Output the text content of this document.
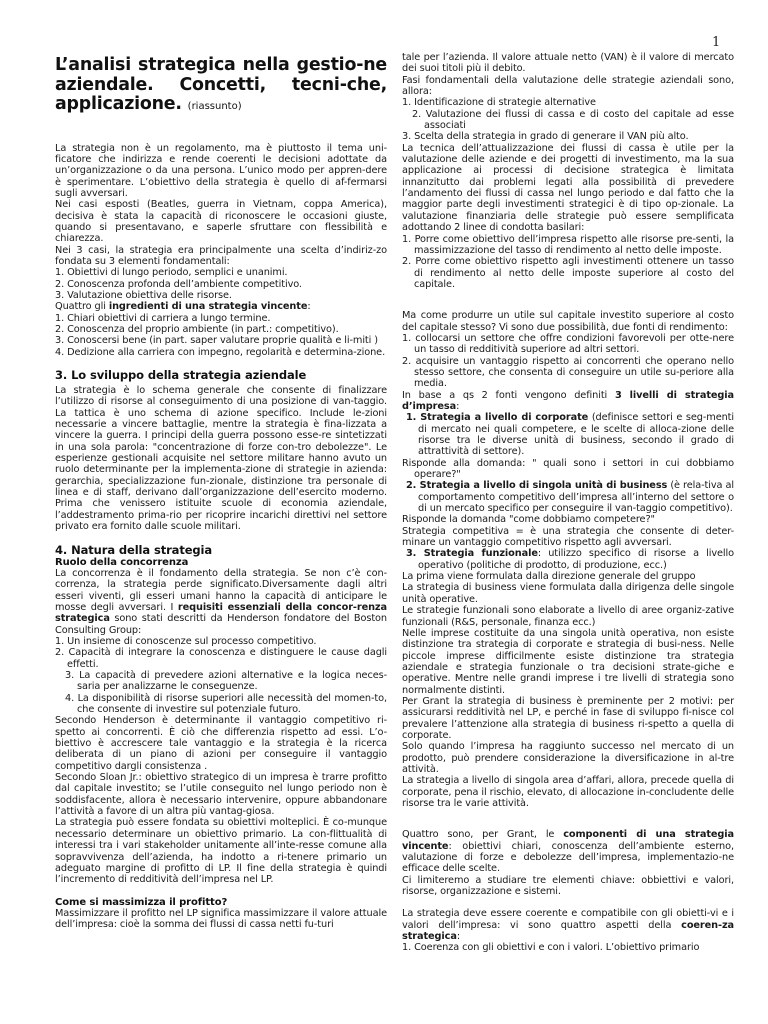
1
L’analisi strategica nella gestio-ne aziendale. Concetti, tecni-che, applicazione. (riassunto)

La strategia non è un regolamento, ma è piuttosto il tema uni-ficatore che indirizza e rende coerenti le decisioni adottate da un’organizzazione o da una persona. L’unico modo per appren-dere è sperimentare. L’obiettivo della strategia è quello di af-fermarsi sugli avversari.

Nei casi esposti (Beatles, guerra in Vietnam, coppa America), decisiva è stata la capacità di riconoscere le occasioni giuste, quando si presentavano, e saperle sfruttare con flessibilità e chiarezza.

Nei 3 casi, la strategia era principalmente una scelta d’indiriz-zo fondata su 3 elementi fondamentali:

1. Obiettivi di lungo periodo, semplici e unanimi.
2. Conoscenza profonda dell’ambiente competitivo.
3. Valutazione obiettiva delle risorse.

Quattro gli ingredienti di una strategia vincente:

1. Chiari obiettivi di carriera a lungo termine.
2. Conoscenza del proprio ambiente (in part.: competitivo).
3. Conoscersi bene (in part. saper valutare proprie qualità e li-miti )
4. Dedizione alla carriera con impegno, regolarità e determina-zione.
3. Lo sviluppo della strategia aziendale

La strategia è lo schema generale che consente di finalizzare l’utilizzo di risorse al conseguimento di una posizione di van-taggio. La tattica è uno schema di azione specifico. Include le-zioni necessarie a vincere battaglie, mentre la strategia è fina-lizzata a vincere la guerra. I principi della guerra possono esse-re sintetizzati in una sola parola: "concentrazione di forze con-tro debolezze". Le esperienze gestionali acquisite nel settore militare hanno avuto un ruolo determinante per la implementa-zione di strategie in azienda: gerarchia, specializzazione fun-zionale, distinzione tra personale di linea e di staff, derivano dall’organizzazione dell’esercito moderno. Prima che venissero istituite scuole di economia aziendale, l’addestramento prima-rio per ricoprire incarichi direttivi nel settore privato era fornito dalle scuole militari.

4. Natura della strategia
Ruolo della concorrenza

La concorrenza è il fondamento della strategia. Se non c’è con-correnza, la strategia perde significato.Diversamente dagli altri esseri viventi, gli esseri umani hanno la capacità di anticipare le mosse degli avversari. I requisiti essenziali della concor-renza strategica sono stati descritti da Henderson fondatore del Boston Consulting Group:

1. Un insieme di conoscenze sul processo competitivo.
2. Capacità di integrare la conoscenza e distinguere le cause dagli effetti.
3. La capacità di prevedere azioni alternative e la logica neces-saria per analizzarne le conseguenze.
4. La disponibilità di risorse superiori alle necessità del momen-to, che consente di investire sul potenziale futuro.

Secondo Henderson è determinante il vantaggio competitivo ri-spetto ai concorrenti. È ciò che differenzia rispetto ad essi. L’o-biettivo è accrescere tale vantaggio e la strategia è la ricerca deliberata di un piano di azioni per conseguire il vantaggio competitivo dargli consistenza .

Secondo Sloan Jr.: obiettivo strategico di un impresa è trarre profitto dal capitale investito; se l’utile conseguito nel lungo periodo non è soddisfacente, allora è necessario intervenire, oppure abbandonare l’attività a favore di un altra più vantag-giosa.

La strategia può essere fondata su obiettivi molteplici. È co-munque necessario determinare un obiettivo primario. La con-flittualità di interessi tra i vari stakeholder unitamente all’inte-resse comune alla sopravvivenza dell’azienda, ha indotto a ri-tenere primario un adeguato margine di profitto di LP. Il fine della strategia è quindi l’incremento di redditività dell’impresa nel LP.

Come si massimizza il profitto?

Massimizzare il profitto nel LP significa massimizzare il valore attuale dell’impresa: cioè la somma dei flussi di cassa netti fu-turi

tale per l’azienda. Il valore attuale netto (VAN) è il valore di mercato dei suoi titoli più il debito.

Fasi fondamentali della valutazione delle strategie aziendali sono, allora:

1. Identificazione di strategie alternative
2. Valutazione dei flussi di cassa e di costo del capitale ad esse associati
3. Scelta della strategia in grado di generare il VAN più alto.

La tecnica dell’attualizzazione dei flussi di cassa è utile per la valutazione delle aziende e dei progetti di investimento, ma la sua applicazione ai processi di decisione strategica è limitata innanzitutto dai problemi legati alla possibilità di prevedere l’andamento dei flussi di cassa nel lungo periodo e dal fatto che la maggior parte degli investimenti strategici è di tipo op-zionale. La valutazione finanziaria delle strategie può essere semplificata adottando 2 linee di condotta basilari:

1. Porre come obiettivo dell’impresa rispetto alle risorse pre-senti, la massimizzazione del tasso di rendimento al netto delle imposte.
2. Porre come obiettivo rispetto agli investimenti ottenere un tasso di rendimento al netto delle imposte superiore al costo del capitale.

Ma come produrre un utile sul capitale investito superiore al costo del capitale stesso? Vi sono due possibilità, due fonti di rendimento:

1. collocarsi un settore che offre condizioni favorevoli per otte-nere un tasso di redditività superiore ad altri settori.
2. acquisire un vantaggio rispetto ai concorrenti che operano nello stesso settore, che consenta di conseguire un utile su-periore alla media.

In base a qs 2 fonti vengono definiti 3 livelli di strategia d’impresa:

1. Strategia a livello di corporate (definisce settori e seg-menti di mercato nei quali competere, e le scelte di alloca-zione delle risorse tra le diverse unità di business, secondo il grado di attrattività di settore).
Risponde alla domanda: " quali sono i settori in cui dobbiamo operare?"
2. Strategia a livello di singola unità di business (è rela-tiva al comportamento competitivo dell’impresa all’interno del settore o di un mercato specifico per conseguire il van-taggio competitivo).

Risponde la domanda "come dobbiamo competere?"

Strategia competitiva = è una strategia che consente di deter-minare un vantaggio competitivo rispetto agli avversari.

3. Strategia funzionale: utilizzo specifico di risorse a livello operativo (politiche di prodotto, di produzione, ecc.)

La prima viene formulata dalla direzione generale del gruppo

La strategia di business viene formulata dalla dirigenza delle singole unità operative.

Le strategie funzionali sono elaborate a livello di aree organiz-zative funzionali (R&S, personale, finanza ecc.)

Nelle imprese costituite da una singola unità operativa, non esiste distinzione tra strategia di corporate e strategia di busi-ness. Nelle piccole imprese difficilmente esiste distinzione tra strategia aziendale e strategia funzionale o tra decisioni strate-giche e operative. Mentre nelle grandi imprese i tre livelli di strategia sono normalmente distinti.

Per Grant la strategia di business è preminente per 2 motivi: per assicurarsi redditività nel LP, e perché in fase di sviluppo fi-nisce col prevalere l’attenzione alla strategia di business ri-spetto a quella di corporate.

Solo quando l’impresa ha raggiunto successo nel mercato di un prodotto, può prendere considerazione la diversificazione in al-tre attività.

La strategia a livello di singola area d’affari, allora, precede quella di corporate, pena il rischio, elevato, di allocazione in-concludente delle risorse tra le varie attività.

Quattro sono, per Grant, le componenti di una strategia vincente: obiettivi chiari, conoscenza dell’ambiente esterno, valutazione di forze e debolezze dell’impresa, implementazio-ne efficace delle scelte.

Ci limiteremo a studiare tre elementi chiave: obbiettivi e valori, risorse, organizzazione e sistemi.

La strategia deve essere coerente e compatibile con gli obietti-vi e i valori dell’impresa: vi sono quattro aspetti della coeren-za strategica:

1. Coerenza con gli obiettivi e con i valori. L’obiettivo primario
